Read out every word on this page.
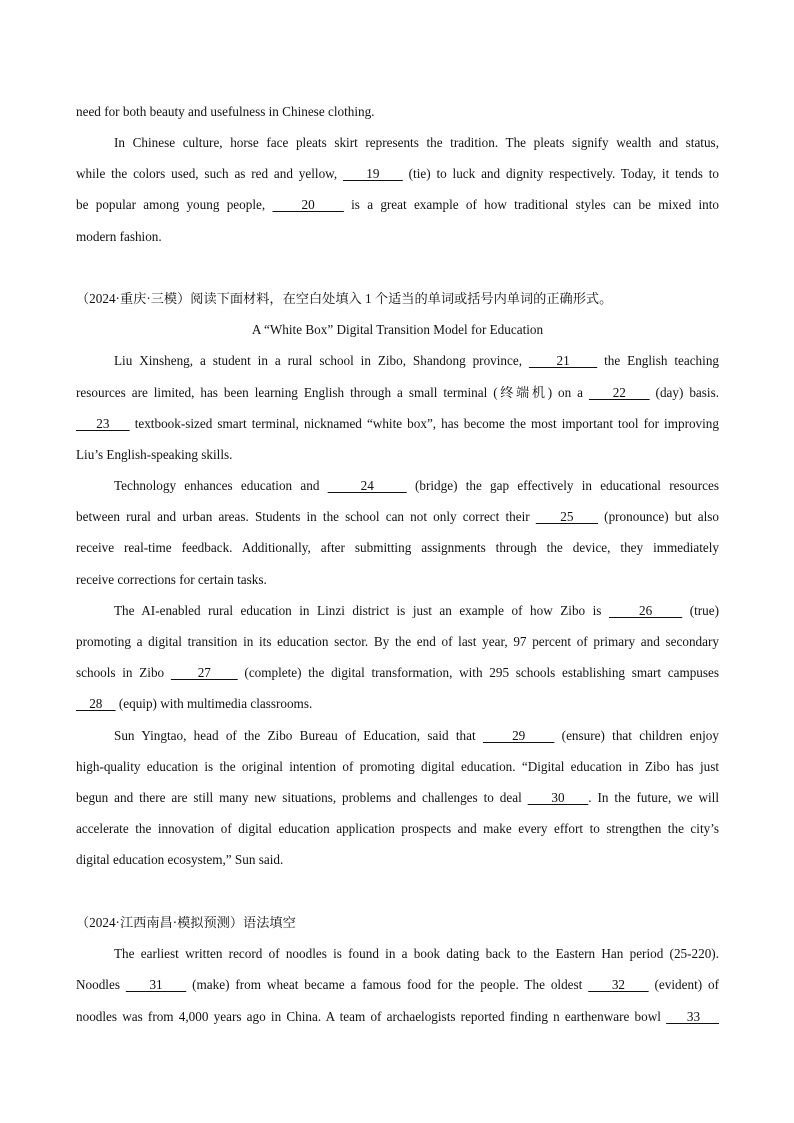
need for both beauty and usefulness in Chinese clothing.
In Chinese culture, horse face pleats skirt represents the tradition. The pleats signify wealth and status,
while the colors used, such as red and yellow,     19     (tie) to luck and dignity respectively. Today, it tends to
be popular among young people,     20     is a great example of how traditional styles can be mixed into
modern fashion.
（2024·重庆·三模）阅读下面材料，在空白处填入 1 个适当的单词或括号内单词的正确形式。
A “White Box” Digital Transition Model for Education
Liu Xinsheng, a student in a rural school in Zibo, Shandong province,     21     the English teaching
resources are limited, has been learning English through a small terminal (终端机) on a     22     (day) basis.
23     textbook-sized smart terminal, nicknamed “white box”, has become the most important tool for improving
Liu’s English-speaking skills.
Technology enhances education and     24     (bridge) the gap effectively in educational resources
between rural and urban areas. Students in the school can not only correct their     25     (pronounce) but also
receive real-time feedback. Additionally, after submitting assignments through the device, they immediately
receive corrections for certain tasks.
The AI-enabled rural education in Linzi district is just an example of how Zibo is     26     (true)
promoting a digital transition in its education sector. By the end of last year, 97 percent of primary and secondary
schools in Zibo     27     (complete) the digital transformation, with 295 schools establishing smart campuses
28     (equip) with multimedia classrooms.
Sun Yingtao, head of the Zibo Bureau of Education, said that     29     (ensure) that children enjoy
high-quality education is the original intention of promoting digital education. “Digital education in Zibo has just
begun and there are still many new situations, problems and challenges to deal     30    . In the future, we will
accelerate the innovation of digital education application prospects and make every effort to strengthen the city’s
digital education ecosystem,” Sun said.
（2024·江西南昌·模拟预测）语法填空
The earliest written record of noodles is found in a book dating back to the Eastern Han period (25-220).
Noodles     31     (make) from wheat became a famous food for the people. The oldest     32     (evident) of
noodles was from 4,000 years ago in China. A team of archaelogists reported finding n earthenware bowl     33
